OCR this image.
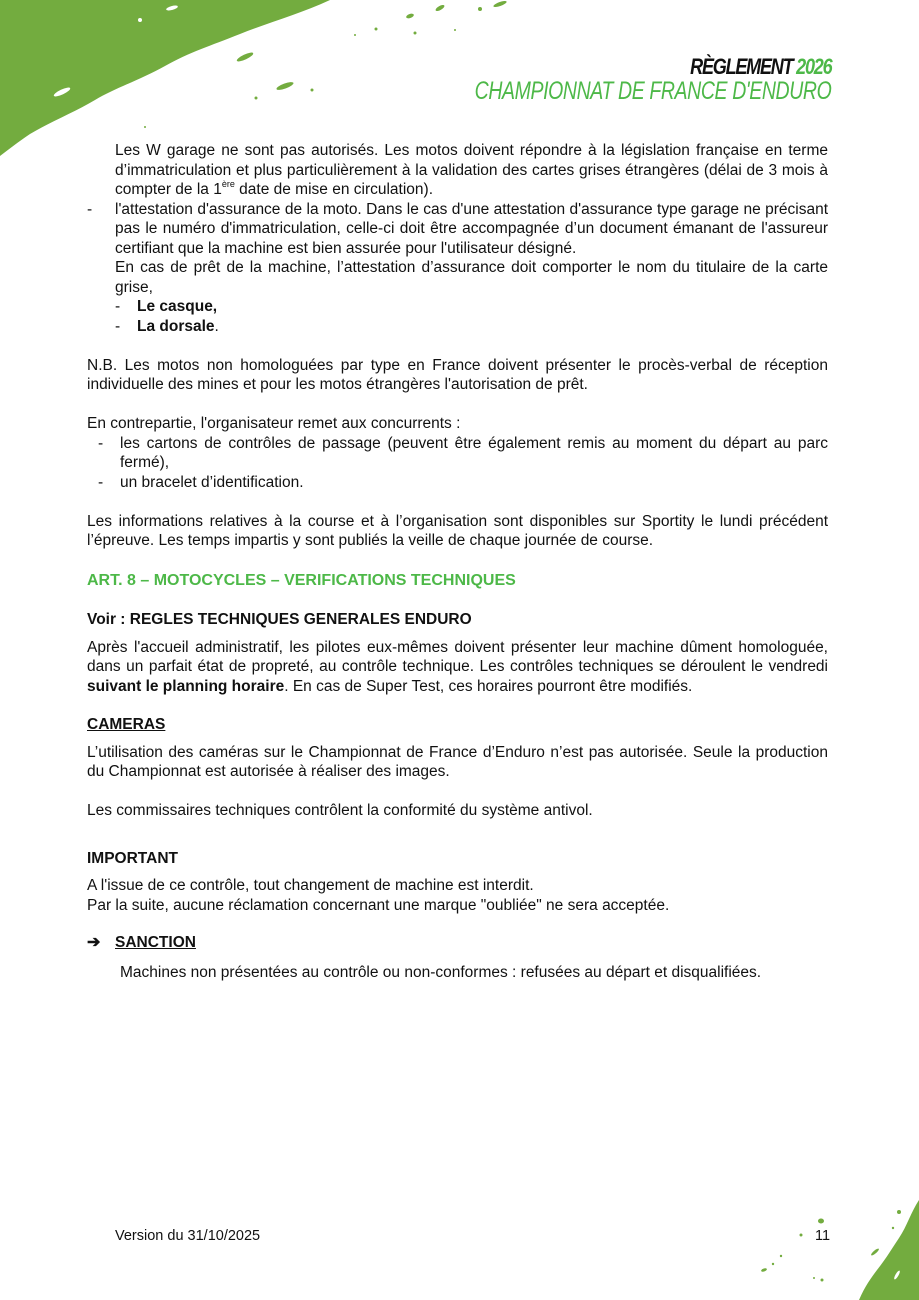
RÈGLEMENT 2026
CHAMPIONNAT DE FRANCE D'ENDURO

Les W garage ne sont pas autorisés. Les motos doivent répondre à la législation française en terme d’immatriculation et plus particulièrement à la validation des cartes grises étrangères (délai de 3 mois à compter de la 1ère date de mise en circulation).

- l'attestation d'assurance de la moto. Dans le cas d'une attestation d'assurance type garage ne précisant pas le numéro d'immatriculation, celle-ci doit être accompagnée d’un document émanant de l'assureur certifiant que la machine est bien assurée pour l'utilisateur désigné.
En cas de prêt de la machine, l’attestation d’assurance doit comporter le nom du titulaire de la carte grise,
- Le casque,
- La dorsale.

N.B. Les motos non homologuées par type en France doivent présenter le procès-verbal de réception individuelle des mines et pour les motos étrangères l'autorisation de prêt.

En contrepartie, l'organisateur remet aux concurrents :

- les cartons de contrôles de passage (peuvent être également remis au moment du départ au parc fermé),
- un bracelet d’identification.

Les informations relatives à la course et à l’organisation sont disponibles sur Sportity le lundi précédent l’épreuve. Les temps impartis y sont publiés la veille de chaque journée de course.

ART. 8 – MOTOCYCLES – VERIFICATIONS TECHNIQUES

Voir : REGLES TECHNIQUES GENERALES ENDURO

Après l'accueil administratif, les pilotes eux-mêmes doivent présenter leur machine dûment homologuée, dans un parfait état de propreté, au contrôle technique. Les contrôles techniques se déroulent le vendredi suivant le planning horaire. En cas de Super Test, ces horaires pourront être modifiés.

CAMERAS

L’utilisation des caméras sur le Championnat de France d’Enduro n’est pas autorisée. Seule la production du Championnat est autorisée à réaliser des images.

Les commissaires techniques contrôlent la conformité du système antivol.

IMPORTANT

A l'issue de ce contrôle, tout changement de machine est interdit.

Par la suite, aucune réclamation concernant une marque "oubliée" ne sera acceptée.

➔ SANCTION

Machines non présentées au contrôle ou non-conformes : refusées au départ et disqualifiées.

Version du 31/10/2025	11
